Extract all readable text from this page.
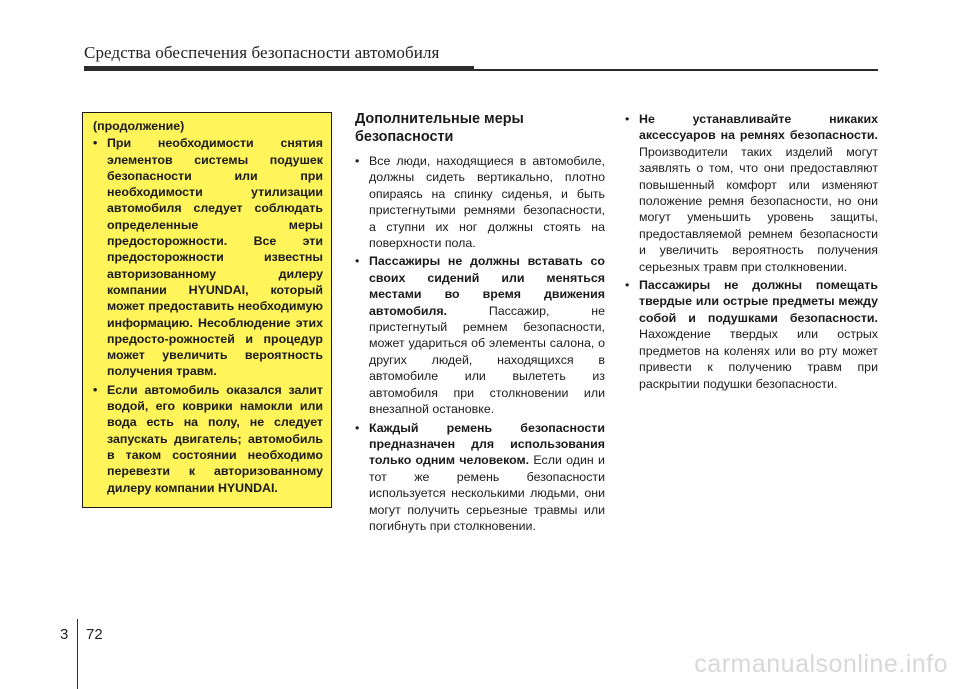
Средства обеспечения безопасности автомобиля
(продолжение)
• При необходимости снятия элементов системы подушек безопасности или при необходимости утилизации автомобиля следует соблюдать определенные меры предосторожности. Все эти предосторожности известны авторизованному дилеру компании HYUNDAI, который может предоставить необходимую информацию. Несоблюдение этих предосто-рожностей и процедур может увеличить вероятность получения травм.
• Если автомобиль оказался залит водой, его коврики намокли или вода есть на полу, не следует запускать двигатель; автомобиль в таком состоянии необходимо перевезти к авторизованному дилеру компании HYUNDAI.
Дополнительные меры безопасности
• Все люди, находящиеся в автомобиле, должны сидеть вертикально, плотно опираясь на спинку сиденья, и быть пристегнутыми ремнями безопасности, а ступни их ног должны стоять на поверхности пола.
• Пассажиры не должны вставать со своих сидений или меняться местами во время движения автомобиля. Пассажир, не пристегнутый ремнем безопасности, может удариться об элементы салона, о других людей, находящихся в автомобиле или вылететь из автомобиля при столкновении или внезапной остановке.
• Каждый ремень безопасности предназначен для использования только одним человеком. Если один и тот же ремень безопасности используется несколькими людьми, они могут получить серьезные травмы или погибнуть при столкновении.
• Не устанавливайте никаких аксессуаров на ремнях безопасности. Производители таких изделий могут заявлять о том, что они предоставляют повышенный комфорт или изменяют положение ремня безопасности, но они могут уменьшить уровень защиты, предоставляемой ремнем безопасности и увеличить вероятность получения серьезных травм при столкновении.
• Пассажиры не должны помещать твердые или острые предметы между собой и подушками безопасности. Нахождение твердых или острых предметов на коленях или во рту может привести к получению травм при раскрытии подушки безопасности.
3 72
carmanualsonline.info
